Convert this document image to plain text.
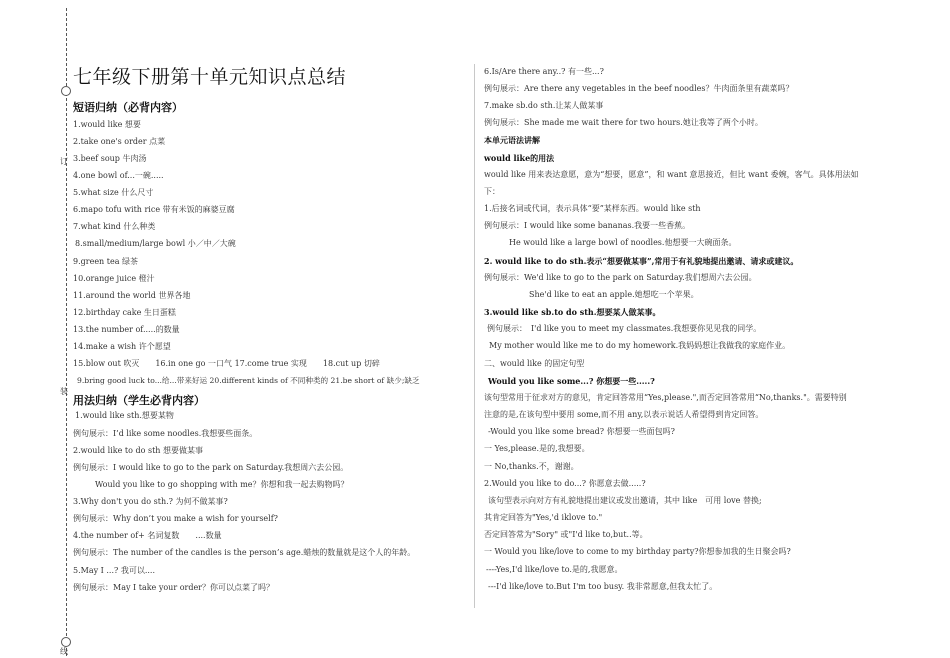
订
装
线
七年级下册第十单元知识点总结
短语归纳（必背内容）
1.would like 想要
2.take one's order 点菜
3.beef soup 牛肉汤
4.one bowl of...一碗.....
5.what size 什么尺寸
6.mapo tofu with rice 带有米饭的麻婆豆腐
7.what kind 什么种类
8.small/medium/large bowl 小／中／大碗
9.green tea 绿茶
10.orange juice 橙汁
11.around the world 世界各地
12.birthday cake 生日蛋糕
13.the number of.....的数量
14.make a wish 许个愿望
15.blow out 吹灭　　16.in one go 一口气 17.come true 实现　　18.cut up 切碎
9.bring good luck to...给...带来好运 20.different kinds of 不同种类的 21.be short of 缺少;缺乏
用法归纳（学生必背内容）
1.would like sth.想要某物
例句展示：I’d like some noodles.我想要些面条。
2.would like to do sth 想要做某事
例句展示：I would like to go to the park on Saturday.我想周六去公园。
Would you like to go shopping with me？你想和我一起去购物吗？
3.Why don't you do sth.? 为何不做某事?
例句展示：Why don’t you make a wish for yourself?
4.the number of+ 名词复数　　....数量
例句展示：The number of the candles is the person’s age.蜡烛的数量就是这个人的年龄。
5.May I ...? 我可以....
例句展示：May I take your order？你可以点菜了吗？
6.Is/Are there any..? 有一些...?
例句展示：Are there any vegetables in the beef noodles？牛肉面条里有蔬菜吗？
7.make sb.do sth.让某人做某事
例句展示：She made me wait there for two hours.她让我等了两个小时。
本单元语法讲解
would like的用法
would like 用来表达意愿，意为“想要，愿意”，和 want 意思接近，但比 want 委婉，客气。具体用法如
下：
1.后接名词或代词，表示具体“要”某样东西。would like sth
例句展示：I would like some bananas.我要一些香蕉。
He would like a large bowl of noodles.他想要一大碗面条。
2. would like to do sth.表示“想要做某事”,常用于有礼貌地提出邀请、请求或建议。
例句展示：We'd like to go to the park on Saturday.我们想周六去公园。
She'd like to eat an apple.她想吃一个苹果。
3.would like sb.to do sth.想要某人做某事。
例句展示：　I'd like you to meet my classmates.我想要你见见我的同学。
My mother would like me to do my homework.我妈妈想让我做我的家庭作业。
二、would like 的固定句型
Would you like some...? 你想要一些.....?
该句型常用于征求对方的意见，肯定回答常用“Yes,please.",而否定回答常用“No,thanks."。需要特别
注意的是,在该句型中要用 some,而不用 any,以表示说话人希望得到肯定回答。
-Would you like some bread? 你想要一些面包吗?
一 Yes,please.是的,我想要。
一 No,thanks.不，谢谢。
2.Would you like to do...? 你愿意去做.....?
该句型表示向对方有礼貌地提出建议或发出邀请，其中 like　可用 love 替换;
其肯定回答为"Yes,'d iklove to."
否定回答常为"Sory" 或"I'd like to,but..等。
一 Would you like/love to come to my birthday party?你想参加我的生日聚会吗?
----Yes,I'd like/love to.是的,我愿意。
---I'd like/love to.But I'm too busy. 我非常愿意,但我太忙了。
